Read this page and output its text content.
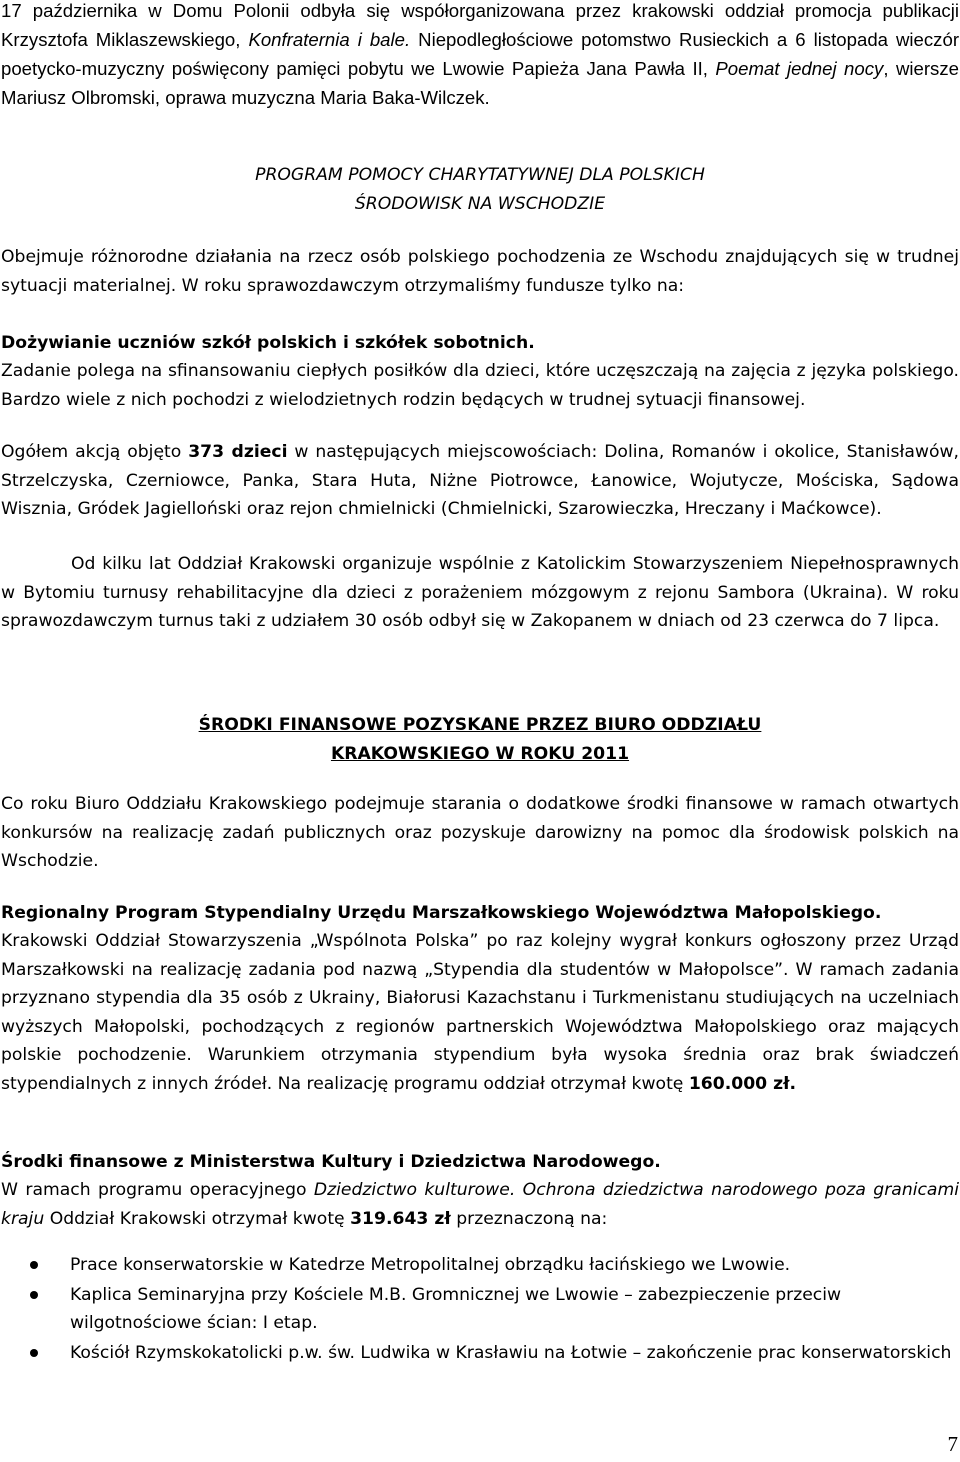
17 października w Domu Polonii odbyła się współorganizowana przez krakowski oddział promocja publikacji Krzysztofa Miklaszewskiego, Konfraternia i bale. Niepodległościowe potomstwo Rusieckich a 6 listopada wieczór poetycko-muzyczny poświęcony pamięci pobytu we Lwowie Papieża Jana Pawła II, Poemat jednej nocy, wiersze Mariusz Olbromski, oprawa muzyczna Maria Baka-Wilczek.

PROGRAM POMOCY CHARYTATYWNEJ DLA POLSKICH
ŚRODOWISK NA WSCHODZIE

Obejmuje różnorodne działania na rzecz osób polskiego pochodzenia ze Wschodu znajdujących się w trudnej sytuacji materialnej. W roku sprawozdawczym otrzymaliśmy fundusze tylko na:

Dożywianie uczniów szkół polskich i szkółek sobotnich.

Zadanie polega na sfinansowaniu ciepłych posiłków dla dzieci, które uczęszczają na zajęcia z języka polskiego. Bardzo wiele z nich pochodzi z wielodzietnych rodzin będących w trudnej sytuacji finansowej.

Ogółem akcją objęto 373 dzieci w następujących miejscowościach: Dolina, Romanów i okolice, Stanisławów, Strzelczyska, Czerniowce, Panka, Stara Huta, Niżne Piotrowce, Łanowice, Wojutycze, Mościska, Sądowa Wisznia, Gródek Jagielloński oraz rejon chmielnicki (Chmielnicki, Szarowieczka, Hreczany i Maćkowce).

Od kilku lat Oddział Krakowski organizuje wspólnie z Katolickim Stowarzyszeniem Niepełnosprawnych w Bytomiu turnusy rehabilitacyjne dla dzieci z porażeniem mózgowym z rejonu Sambora (Ukraina). W roku sprawozdawczym turnus taki z udziałem 30 osób odbył się w Zakopanem w dniach od 23 czerwca do 7 lipca.

ŚRODKI FINANSOWE POZYSKANE PRZEZ BIURO ODDZIAŁU
KRAKOWSKIEGO W ROKU 2011

Co roku Biuro Oddziału Krakowskiego podejmuje starania o dodatkowe środki finansowe w ramach otwartych konkursów na realizację zadań publicznych oraz pozyskuje darowizny na pomoc dla środowisk polskich na Wschodzie.

Regionalny Program Stypendialny Urzędu Marszałkowskiego Województwa Małopolskiego.

Krakowski Oddział Stowarzyszenia „Wspólnota Polska” po raz kolejny wygrał konkurs ogłoszony przez Urząd Marszałkowski na realizację zadania pod nazwą „Stypendia dla studentów w Małopolsce”. W ramach zadania przyznano stypendia dla 35 osób z Ukrainy, Białorusi Kazachstanu i Turkmenistanu studiujących na uczelniach wyższych Małopolski, pochodzących z regionów partnerskich Województwa Małopolskiego oraz mających polskie pochodzenie. Warunkiem otrzymania stypendium była wysoka średnia oraz brak świadczeń stypendialnych z innych źródeł. Na realizację programu oddział otrzymał kwotę 160.000 zł.

Środki finansowe z Ministerstwa Kultury i Dziedzictwa Narodowego.

W ramach programu operacyjnego Dziedzictwo kulturowe. Ochrona dziedzictwa narodowego poza granicami kraju Oddział Krakowski otrzymał kwotę 319.643 zł przeznaczoną na:

Prace konserwatorskie w Katedrze Metropolitalnej obrządku łacińskiego we Lwowie.
Kaplica Seminaryjna przy Kościele M.B. Gromnicznej we Lwowie – zabezpieczenie przeciw wilgotnościowe ścian: I etap.
Kościół Rzymskokatolicki p.w. św. Ludwika w Krasławiu na Łotwie – zakończenie prac konserwatorskich
7
